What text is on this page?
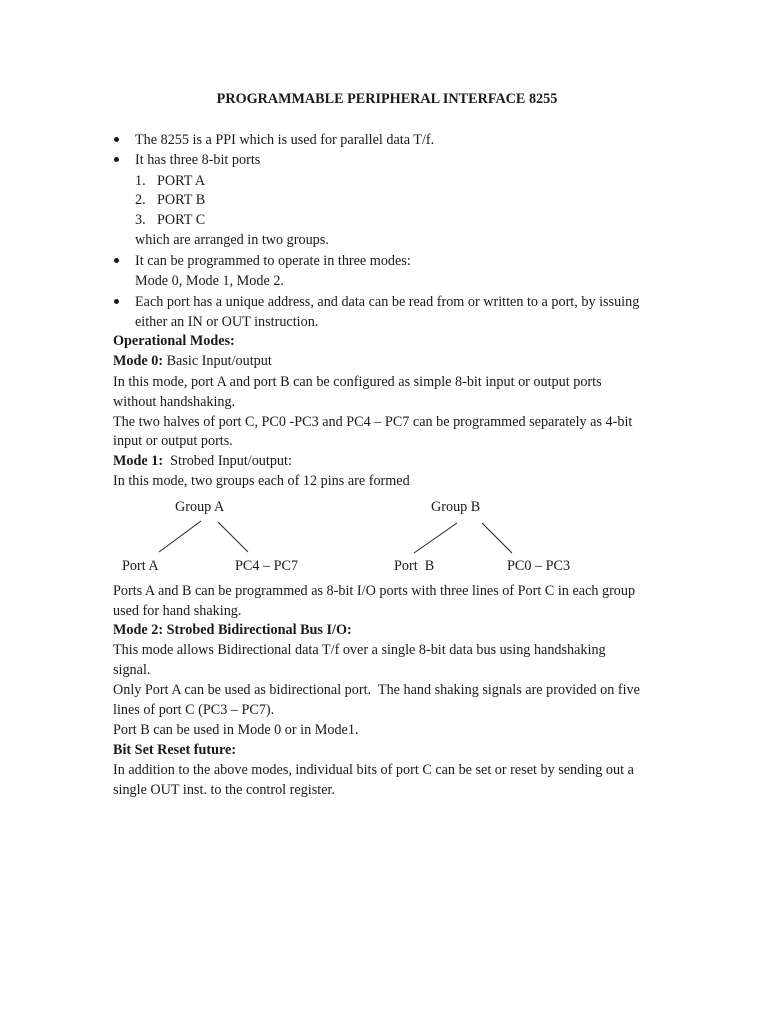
PROGRAMMABLE PERIPHERAL INTERFACE 8255
The 8255 is a PPI which is used for parallel data T/f.
It has three 8-bit ports
1. PORT A
2. PORT B
3. PORT C
which are arranged in two groups.
It can be programmed to operate in three modes:
Mode 0, Mode 1, Mode 2.
Each port has a unique address, and data can be read from or written to a port, by issuing
either an IN or OUT instruction.
Operational Modes:
Mode 0: Basic Input/output
In this mode, port A and port B can be configured as simple 8-bit input or output ports
without handshaking.
The two halves of port C, PC0 -PC3 and PC4 – PC7 can be programmed separately as 4-bit
input or output ports.
Mode 1:  Strobed Input/output:
In this mode, two groups each of 12 pins are formed
Group A
Port A	PC4 – PC7
Group B
Port  B	PC0 – PC3
Ports A and B can be programmed as 8-bit I/O ports with three lines of Port C in each group
used for hand shaking.
Mode 2: Strobed Bidirectional Bus I/O:
This mode allows Bidirectional data T/f over a single 8-bit data bus using handshaking
signal.
Only Port A can be used as bidirectional port.  The hand shaking signals are provided on five
lines of port C (PC3 – PC7).
Port B can be used in Mode 0 or in Mode1.
Bit Set Reset future:
In addition to the above modes, individual bits of port C can be set or reset by sending out a
single OUT inst. to the control register.
